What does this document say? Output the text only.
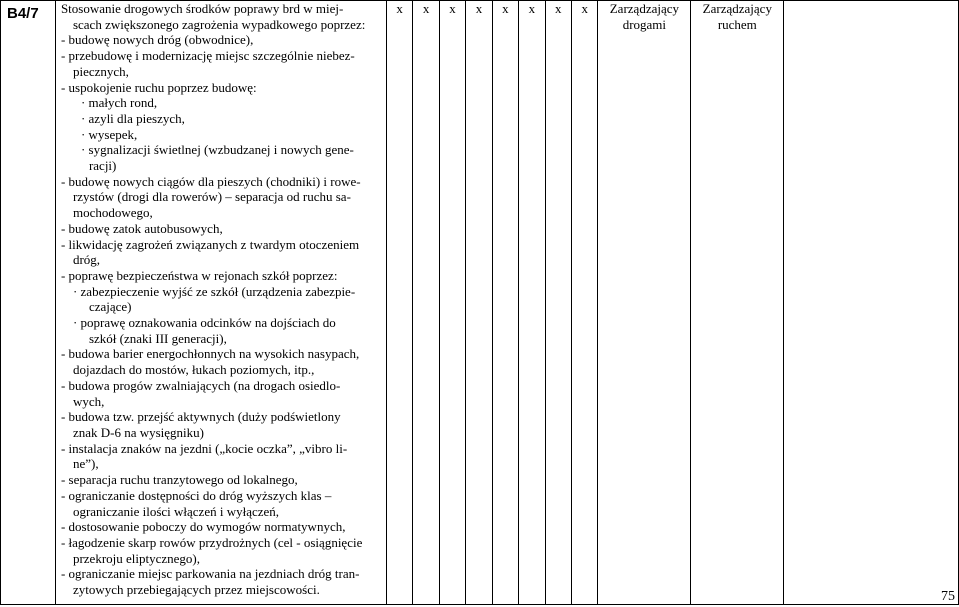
B4/7	Stosowanie drogowych środków poprawy brd w miej-
scach zwiększonego zagrożenia wypadkowego poprzez:
- budowę nowych dróg (obwodnice),
- przebudowę i modernizację miejsc szczególnie niebez-
piecznych,
- uspokojenie ruchu poprzez budowę:
· małych rond,
· azyli dla pieszych,
· wysepek,
· sygnalizacji świetlnej (wzbudzanej i nowych gene-
racji)
- budowę nowych ciągów dla pieszych (chodniki) i rowe-
rzystów (drogi dla rowerów) – separacja od ruchu sa-
mochodowego,
- budowę zatok autobusowych,
- likwidację zagrożeń związanych z twardym otoczeniem
dróg,
- poprawę bezpieczeństwa w rejonach szkół poprzez:
· zabezpieczenie wyjść ze szkół (urządzenia zabezpie-
czające)
· poprawę oznakowania odcinków na dojściach do
szkół (znaki III generacji),
- budowa barier energochłonnych na wysokich nasypach,
dojazdach do mostów, łukach poziomych, itp.,
- budowa progów zwalniających (na drogach osiedlo-
wych,
- budowa tzw. przejść aktywnych (duży podświetlony
znak D-6 na wysięgniku)
- instalacja znaków na jezdni („kocie oczka”, „vibro li-
ne”),
- separacja ruchu tranzytowego od lokalnego,
- ograniczanie dostępności do dróg wyższych klas –
ograniczanie ilości włączeń i wyłączeń,
- dostosowanie poboczy do wymogów normatywnych,
- łagodzenie skarp rowów przydrożnych (cel - osiągnięcie
przekroju eliptycznego),
- ograniczanie miejsc parkowania na jezdniach dróg tran-
zytowych przebiegających przez miejscowości.
	x	x	x	x	x	x	x	x	Zarządzający
drogami

Zarządzający
ruchem

75
